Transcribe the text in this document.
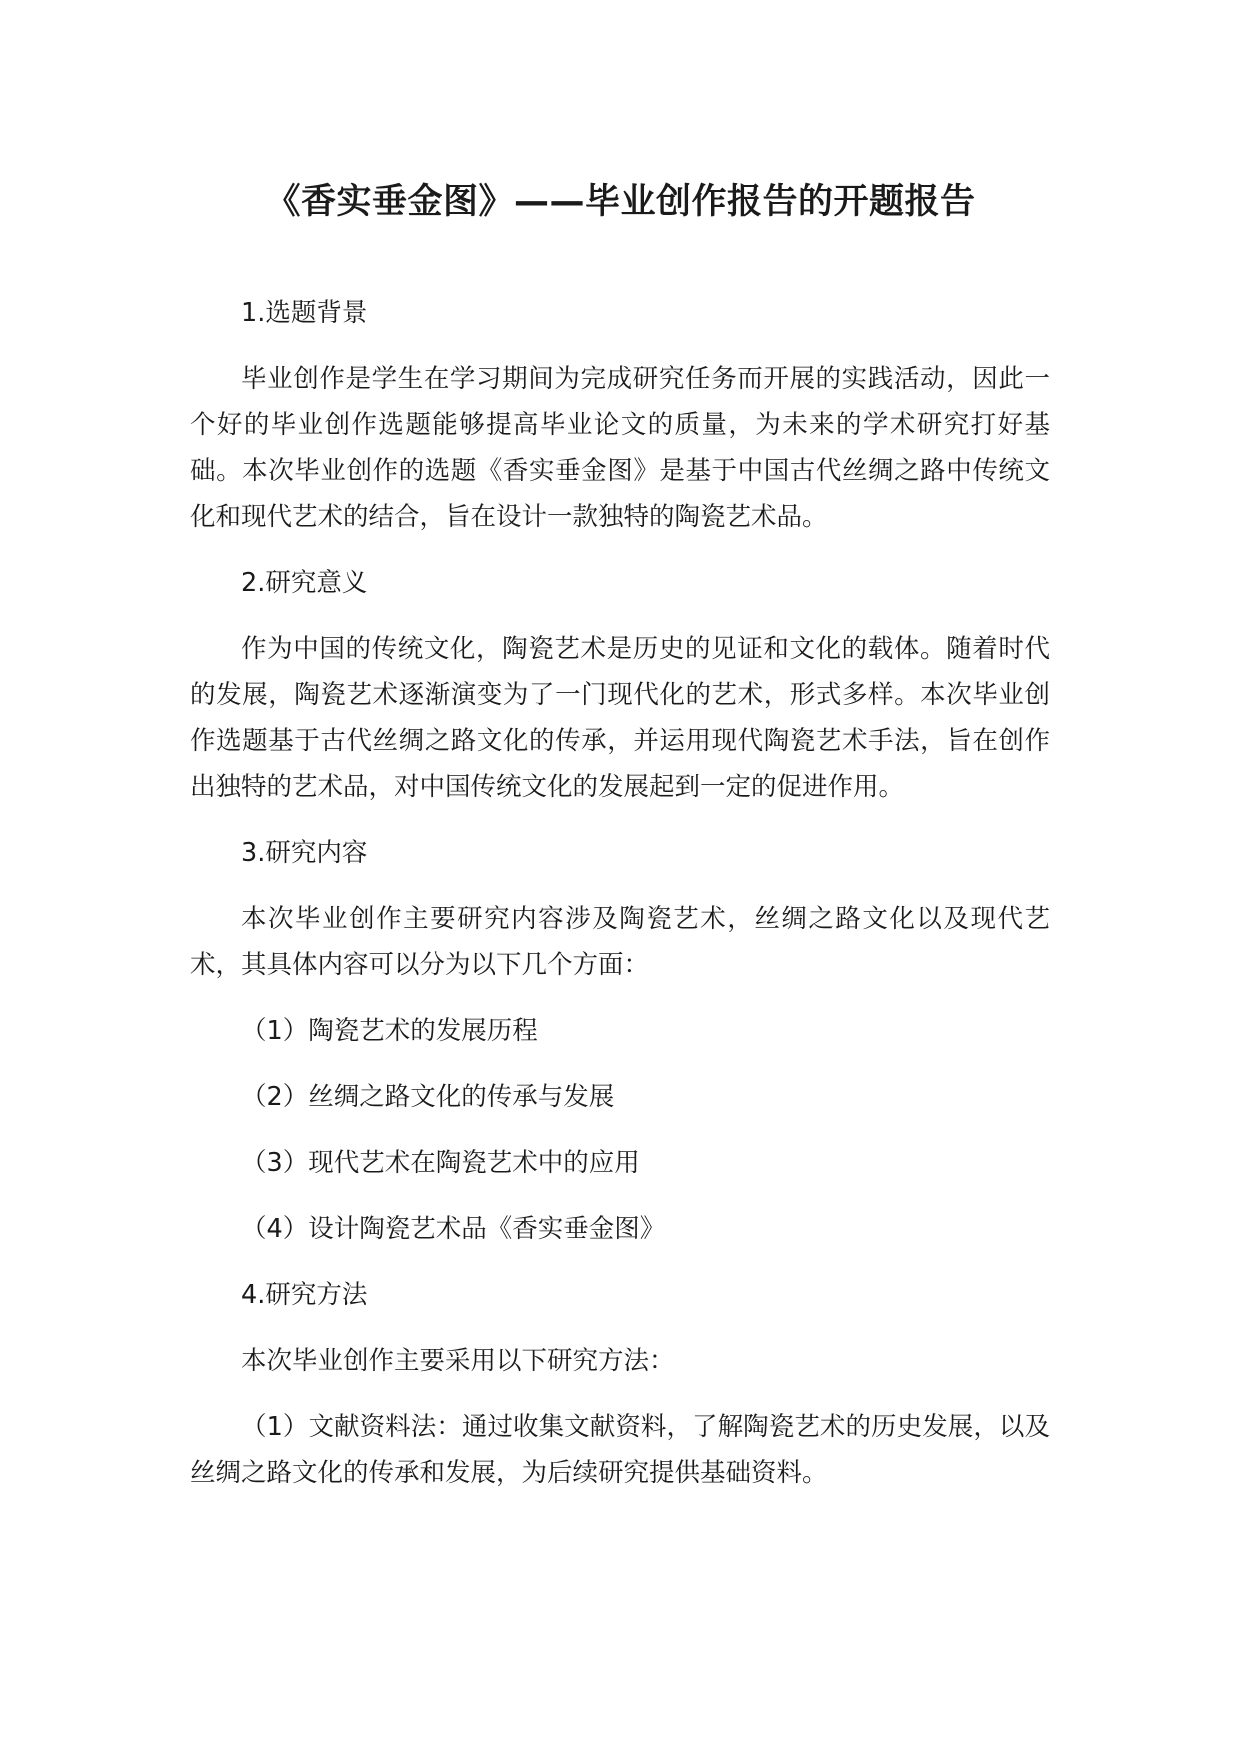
《香实垂金图》——毕业创作报告的开题报告
1.选题背景
毕业创作是学生在学习期间为完成研究任务而开展的实践活动，因此一个好的毕业创作选题能够提高毕业论文的质量，为未来的学术研究打好基础。本次毕业创作的选题《香实垂金图》是基于中国古代丝绸之路中传统文化和现代艺术的结合，旨在设计一款独特的陶瓷艺术品。
2.研究意义
作为中国的传统文化，陶瓷艺术是历史的见证和文化的载体。随着时代的发展，陶瓷艺术逐渐演变为了一门现代化的艺术，形式多样。本次毕业创作选题基于古代丝绸之路文化的传承，并运用现代陶瓷艺术手法，旨在创作出独特的艺术品，对中国传统文化的发展起到一定的促进作用。
3.研究内容
本次毕业创作主要研究内容涉及陶瓷艺术，丝绸之路文化以及现代艺术，其具体内容可以分为以下几个方面：
（1）陶瓷艺术的发展历程
（2）丝绸之路文化的传承与发展
（3）现代艺术在陶瓷艺术中的应用
（4）设计陶瓷艺术品《香实垂金图》
4.研究方法
本次毕业创作主要采用以下研究方法：
（1）文献资料法：通过收集文献资料，了解陶瓷艺术的历史发展，以及丝绸之路文化的传承和发展，为后续研究提供基础资料。
